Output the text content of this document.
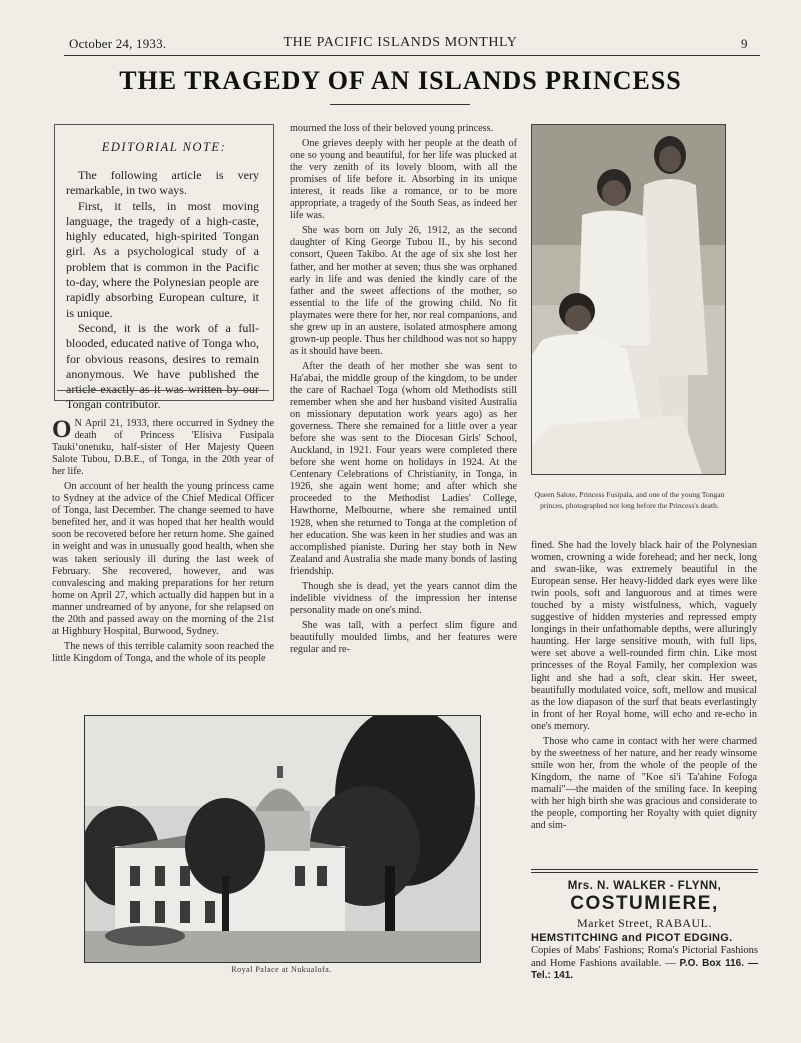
October 24, 1933.	THE PACIFIC ISLANDS MONTHLY	9
THE TRAGEDY OF AN ISLANDS PRINCESS
EDITORIAL NOTE:

The following article is very remarkable, in two ways.

First, it tells, in most moving language, the tragedy of a high-caste, highly educated, high-spirited Tongan girl. As a psychological study of a problem that is common in the Pacific to-day, where the Polynesian people are rapidly absorbing European culture, it is unique.

Second, it is the work of a full-blooded, educated native of Tonga who, for obvious reasons, desires to remain anonymous. We have published the Tongan contributor.

O N April 21, 1933, there occurred in Sydney the death of Princess 'Elisiva Fusipala Taukiʻonetuku, half-sister of Her Majesty Queen Salote Tubou, D.B.E., of Tonga, in the 20th year of her life.

On account of her health the young princess came to Sydney at the advice of the Chief Medical Officer of Tonga, last December. The change seemed to have benefited her, and it was hoped that her health would soon be recovered before her return home. She gained in weight and was in unusually good health, when she was taken seriously ill during the last week of February. She recovered, however, and was convalescing and making preparations for her return home on April 27, which actually did happen but in a manner undreamed of by anyone, for she relapsed on the 20th and passed away on the morning of the 21st at Highbury Hospital, Burwood, Sydney.

The news of this terrible calamity soon reached the little Kingdom of Tonga, and the whole of its people

mourned the loss of their beloved young princess.

One grieves deeply with her people at the death of one so young and beautiful, for her life was plucked at the very zenith of its lovely bloom, with all the promises of life before it. Absorbing in its unique interest, it reads like a romance, or to be more appropriate, a tragedy of the South Seas, as indeed her life was.

She was born on July 26, 1912, as the second daughter of King George Tubou II., by his second consort, Queen Takibo. At the age of six she lost her father, and her mother at seven; thus she was orphaned early in life and was denied the kindly care of the father and the sweet affections of the mother, so essential to the life of the growing child. No fit playmates were there for her, nor real companions, and she grew up in an austere, isolated atmosphere among grown-up people. Thus her childhood was not so happy as it should have been.

After the death of her mother she was sent to Ha'abai, the middle group of the kingdom, to be under the care of Rachael Toga (whom old Methodists still remember when she and her husband visited Australia on missionary deputation work years ago) as her governess. There she remained for a little over a year before she was sent to the Diocesan Girls' School, Auckland, in 1921. Four years were completed there before she went home on holidays in 1924. At the Centenary Celebrations of Christianity, in Tonga, in 1926, she again went home; and after which she proceeded to the Methodist Ladies' College, Hawthorne, Melbourne, where she remained until 1928, when she returned to Tonga at the completion of her education. She was keen in her studies and was an accomplished pianiste. During her stay both in New Zealand and Australia she made many bonds of lasting friendship.

Though she is dead, yet the years cannot dim the indelible vividness of the impression her intense personality made on one's mind.

She was tall, with a perfect slim figure and beautifully moulded limbs, and her features were regular and re-

Queen Salote, Princess Fusipala, and one of the young Tongan princes, photographed not long before the Princess's death.

fined. She had the lovely black hair of the Polynesian women, crowning a wide forehead; and her neck, long and swan-like, was extremely beautiful in the European sense. Her heavy-lidded dark eyes were like twin pools, soft and languorous and at times were touched by a misty wistfulness, which, vaguely suggestive of hidden mysteries and repressed empty longings in their unfathomable depths, were alluringly haunting. Her large sensitive mouth, with full lips, were set above a well-rounded firm chin. Like most princesses of the Royal Family, her complexion was light and she had a soft, clear skin. Her sweet, beautifully modulated voice, soft, mellow and musical as the low diapason of the surf that beats everlastingly in front of her Royal home, will echo and re-echo in one's memory.

Those who came in contact with her were charmed by the sweetness of her nature, and her ready winsome smile won her, from the whole of the people of the Kingdom, the name of "Koe si'i Ta'ahine Fofoga mamali"—the maiden of the smiling face. In keeping with her high birth she was gracious and considerate to the people, comporting her Royalty with quiet dignity and sim-

Royal Palace at Nukualofa.
Mrs. N. WALKER - FLYNN,
COSTUMIERE,
Market Street, RABAUL.
HEMSTITCHING and PICOT EDGING.
Copies of Mabs' Fashions; Roma's Pictorial Fashions and Home Fashions available. — P.O. Box 116. — Tel.: 141.
